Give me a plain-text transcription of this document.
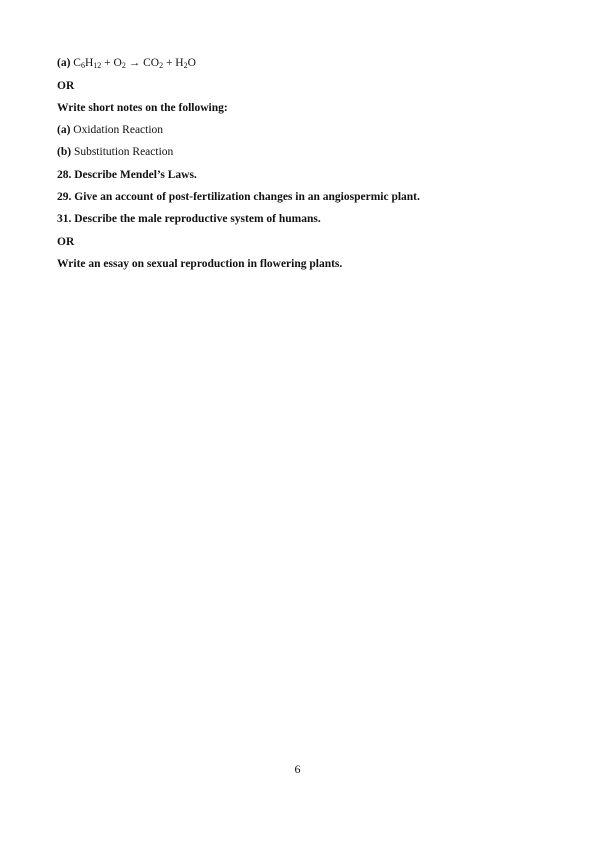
(a) $C_6H_{12} + O_2 \to CO_2 + H_2O$
OR
Write short notes on the following:
(a) Oxidation Reaction
(b) Substitution Reaction
28. Describe Mendel’s Laws.
29. Give an account of post-fertilization changes in an angiospermic plant.
31. Describe the male reproductive system of humans.
OR
Write an essay on sexual reproduction in flowering plants.
6
